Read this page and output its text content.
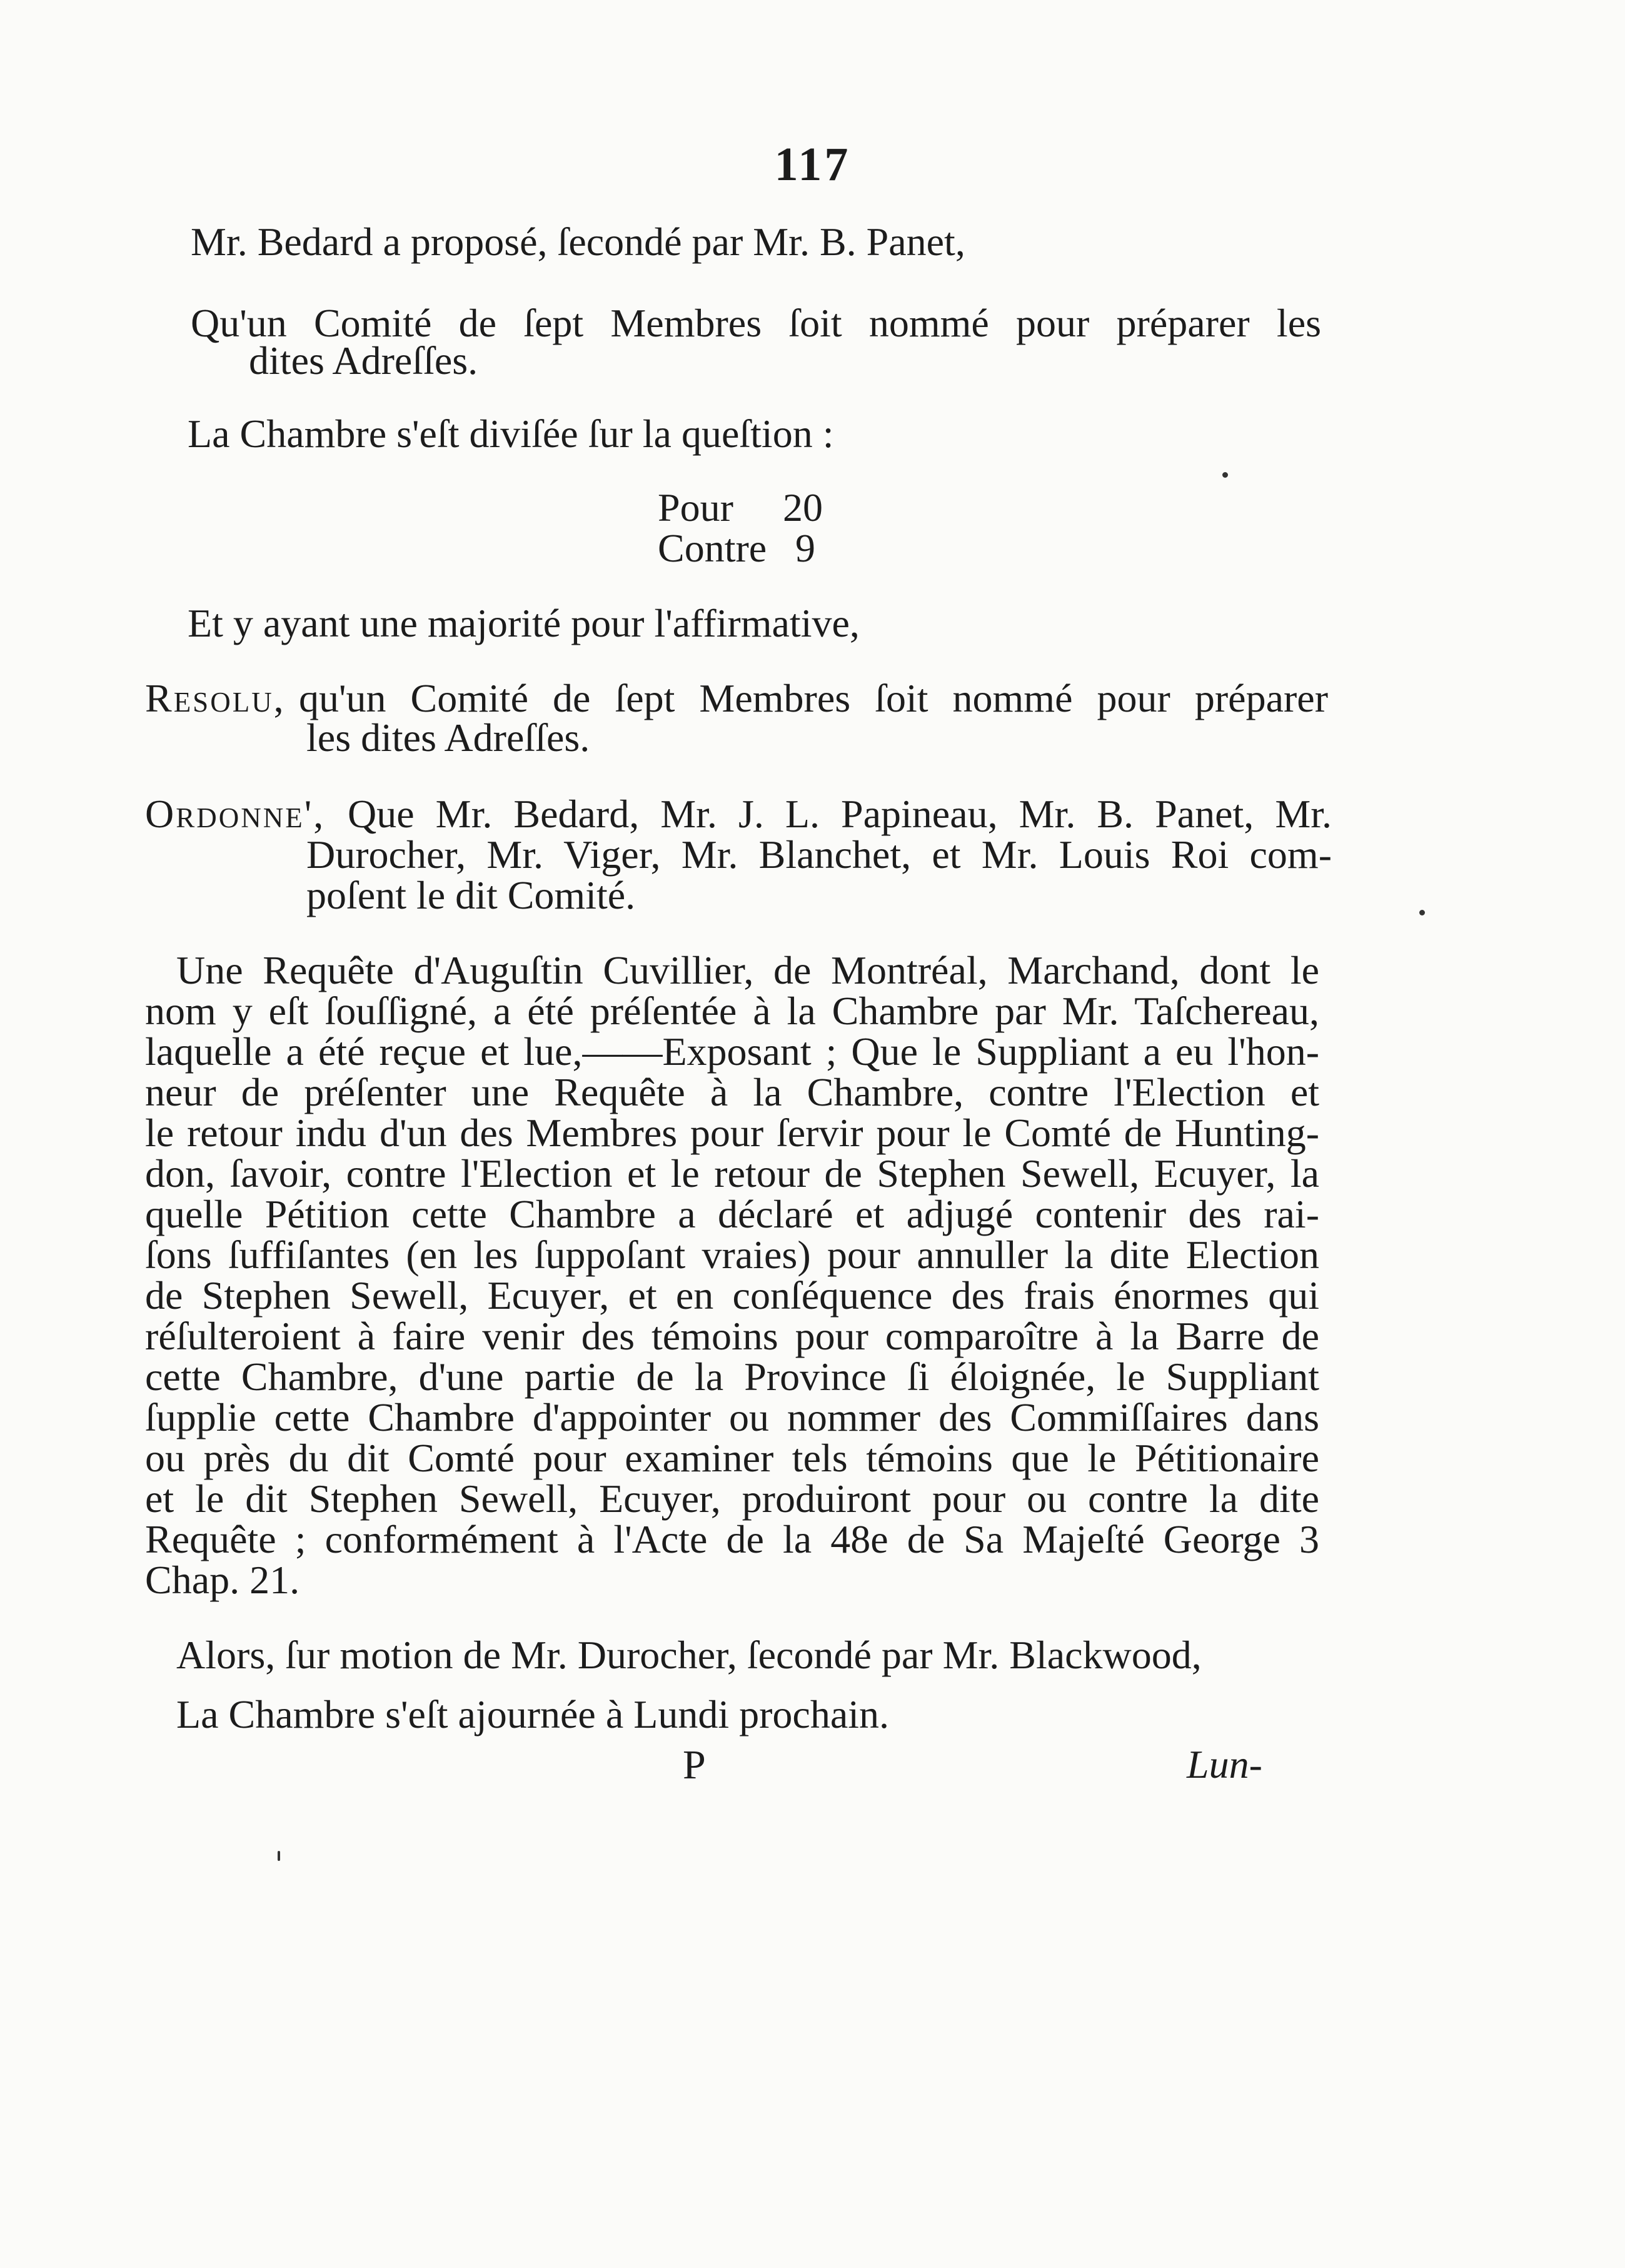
117
Mr. Bedard a proposé, ſecondé par Mr. B. Panet,
Qu'un Comité de ſept Membres ſoit nommé pour préparer les
dites Adreſſes.
La Chambre s'eſt diviſée ſur la queſtion :
Pour 20
Contre 9
Et y ayant une majorité pour l'affirmative,
Resolu, qu'un Comité de ſept Membres ſoit nommé pour préparer
les dites Adreſſes.
Ordonne', Que Mr. Bedard, Mr. J. L. Papineau, Mr. B. Panet, Mr.
Durocher, Mr. Viger, Mr. Blanchet, et Mr. Louis Roi com-
poſent le dit Comité.
Une Requête d'Auguſtin Cuvillier, de Montréal, Marchand, dont le
nom y eſt ſouſſigné, a été préſentée à la Chambre par Mr. Taſchereau,
laquelle a été reçue et lue,——Exposant ; Que le Suppliant a eu l'hon-
neur de préſenter une Requête à la Chambre, contre l'Election et
le retour indu d'un des Membres pour ſervir pour le Comté de Hunting-
don, ſavoir, contre l'Election et le retour de Stephen Sewell, Ecuyer, la
quelle Pétition cette Chambre a déclaré et adjugé contenir des rai-
ſons ſuffiſantes (en les ſuppoſant vraies) pour annuller la dite Election
de Stephen Sewell, Ecuyer, et en conſéquence des frais énormes qui
réſulteroient à faire venir des témoins pour comparoître à la Barre de
cette Chambre, d'une partie de la Province ſi éloignée, le Suppliant
ſupplie cette Chambre d'appointer ou nommer des Commiſſaires dans
ou près du dit Comté pour examiner tels témoins que le Pétitionaire
et le dit Stephen Sewell, Ecuyer, produiront pour ou contre la dite
Requête ; conformément à l'Acte de la 48e de Sa Majeſté George 3
Chap. 21.
Alors, ſur motion de Mr. Durocher, ſecondé par Mr. Blackwood,
La Chambre s'eſt ajournée à Lundi prochain.
P	Lun-
